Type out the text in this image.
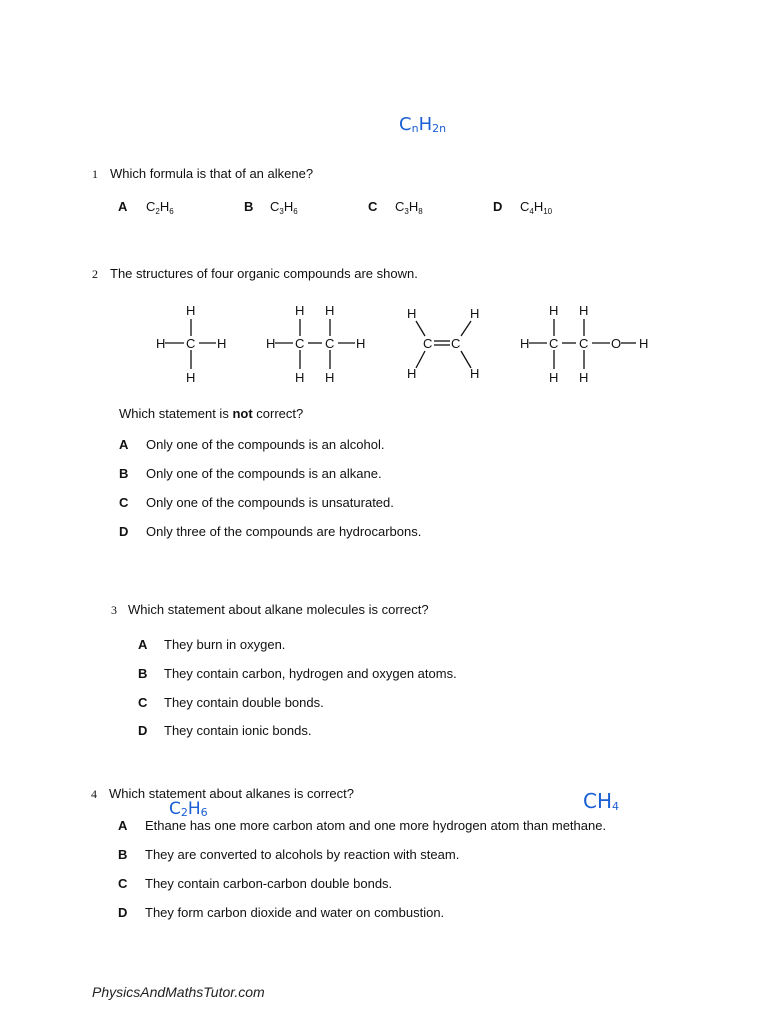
$C_nH_{2n}$
1 Which formula is that of an alkene?
A $C_2H_6$	B $C_3H_6$	C $C_3H_8$	D $C_4H_{10}$
2 The structures of four organic compounds are shown.
H
H C H
H
H H
H C C H
H H
H	H
C C
H	H
H H
H C C O H
H H
Which statement is not correct?
A Only one of the compounds is an alcohol.
B Only one of the compounds is an alkane.
C Only one of the compounds is unsaturated.
D Only three of the compounds are hydrocarbons.
3 Which statement about alkane molecules is correct?
A They burn in oxygen.
B They contain carbon, hydrogen and oxygen atoms.
C They contain double bonds.
D They contain ionic bonds.
4 Which statement about alkanes is correct?
$C_2H_6$	$CH_4$
A Ethane has one more carbon atom and one more hydrogen atom than methane.
B They are converted to alcohols by reaction with steam.
C They contain carbon-carbon double bonds.
D They form carbon dioxide and water on combustion.
PhysicsAndMathsTutor.com
